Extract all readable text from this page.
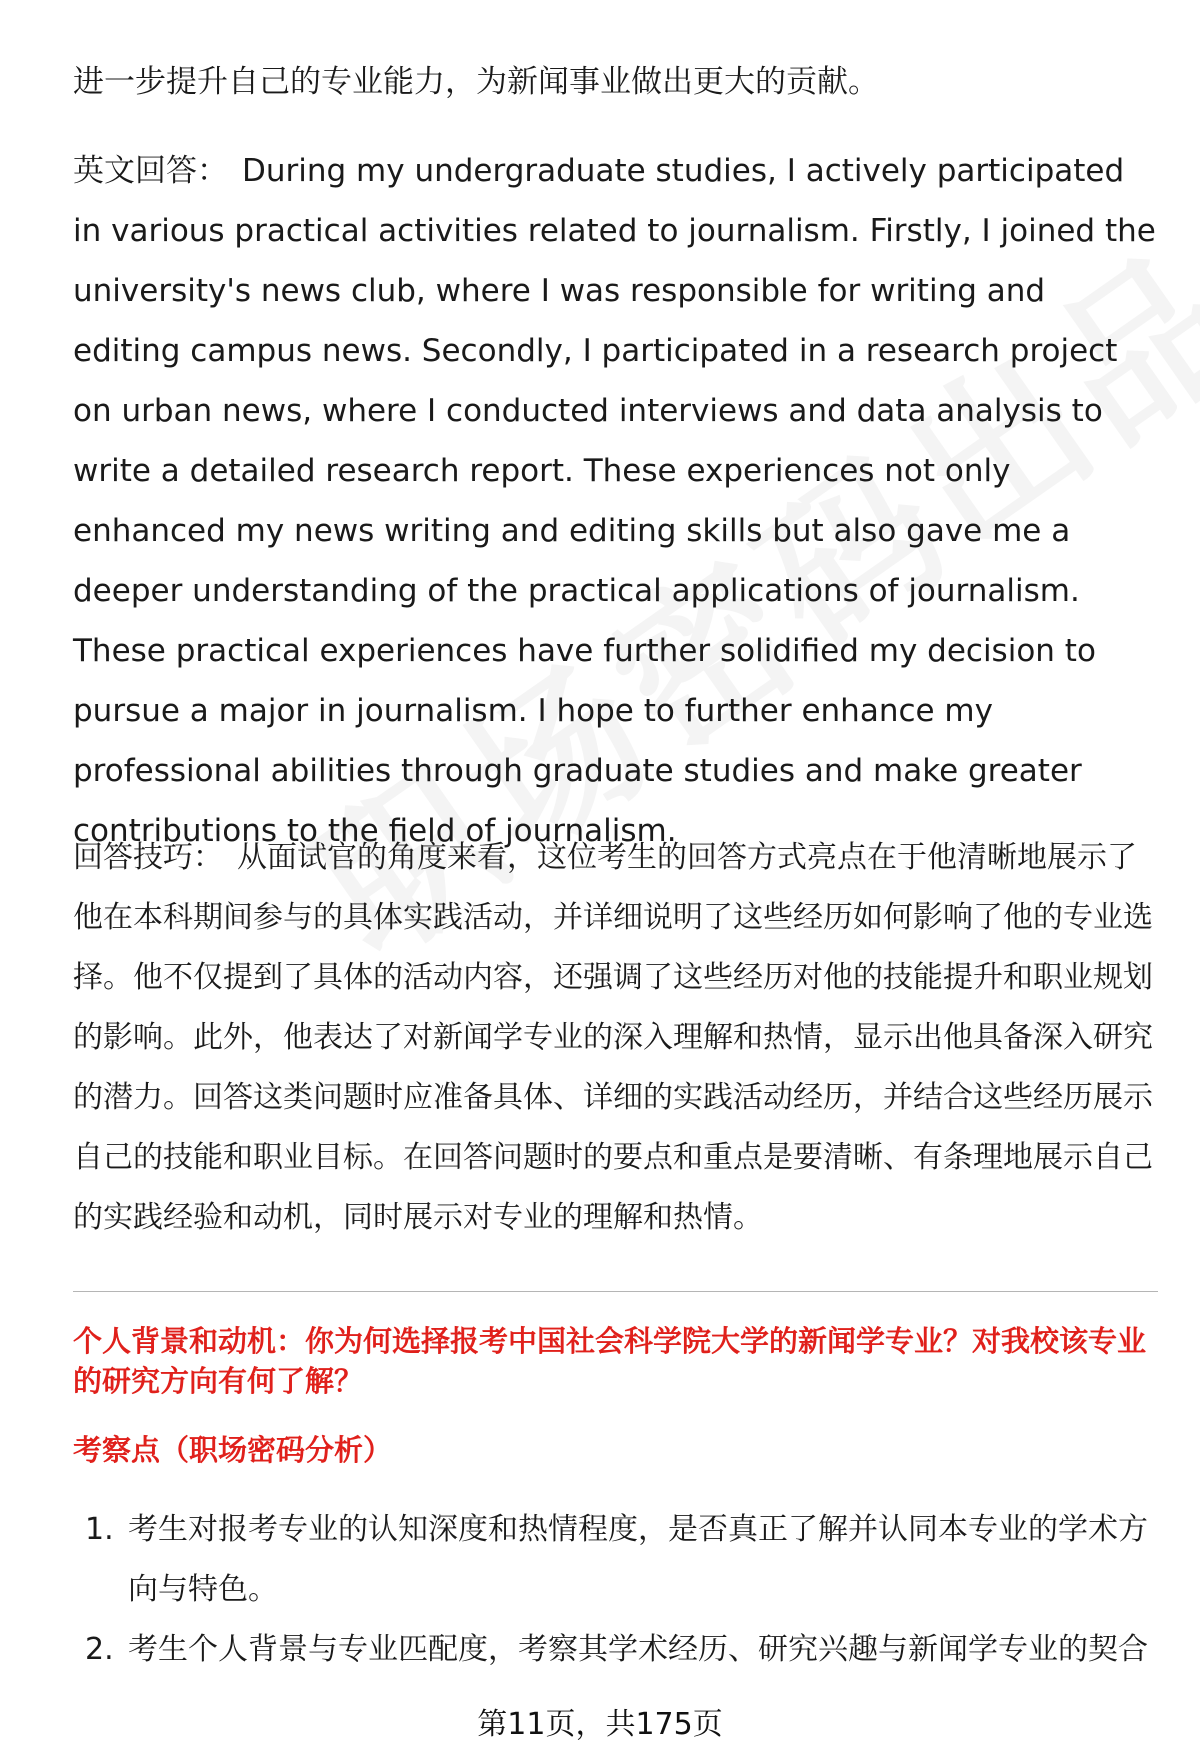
进一步提升自己的专业能力，为新闻事业做出更大的贡献。

英文回答： During my undergraduate studies, I actively participated in various practical activities related to journalism. Firstly, I joined the university's news club, where I was responsible for writing and editing campus news. Secondly, I participated in a research project on urban news, where I conducted interviews and data analysis to write a detailed research report. These experiences not only enhanced my news writing and editing skills but also gave me a deeper understanding of the practical applications of journalism. These practical experiences have further solidified my decision to pursue a major in journalism. I hope to further enhance my professional abilities through graduate studies and make greater contributions to the field of journalism.

回答技巧： 从面试官的角度来看，这位考生的回答方式亮点在于他清晰地展示了他在本科期间参与的具体实践活动，并详细说明了这些经历如何影响了他的专业选择。他不仅提到了具体的活动内容，还强调了这些经历对他的技能提升和职业规划的影响。此外，他表达了对新闻学专业的深入理解和热情，显示出他具备深入研究的潜力。回答这类问题时应准备具体、详细的实践活动经历，并结合这些经历展示自己的技能和职业目标。在回答问题时的要点和重点是要清晰、有条理地展示自己的实践经验和动机，同时展示对专业的理解和热情。

个人背景和动机：你为何选择报考中国社会科学院大学的新闻学专业？对我校该专业的研究方向有何了解？
考察点（职场密码分析）
1. 考生对报考专业的认知深度和热情程度，是否真正了解并认同本专业的学术方向与特色。
2. 考生个人背景与专业匹配度，考察其学术经历、研究兴趣与新闻学专业的契合
第11页，共175页
